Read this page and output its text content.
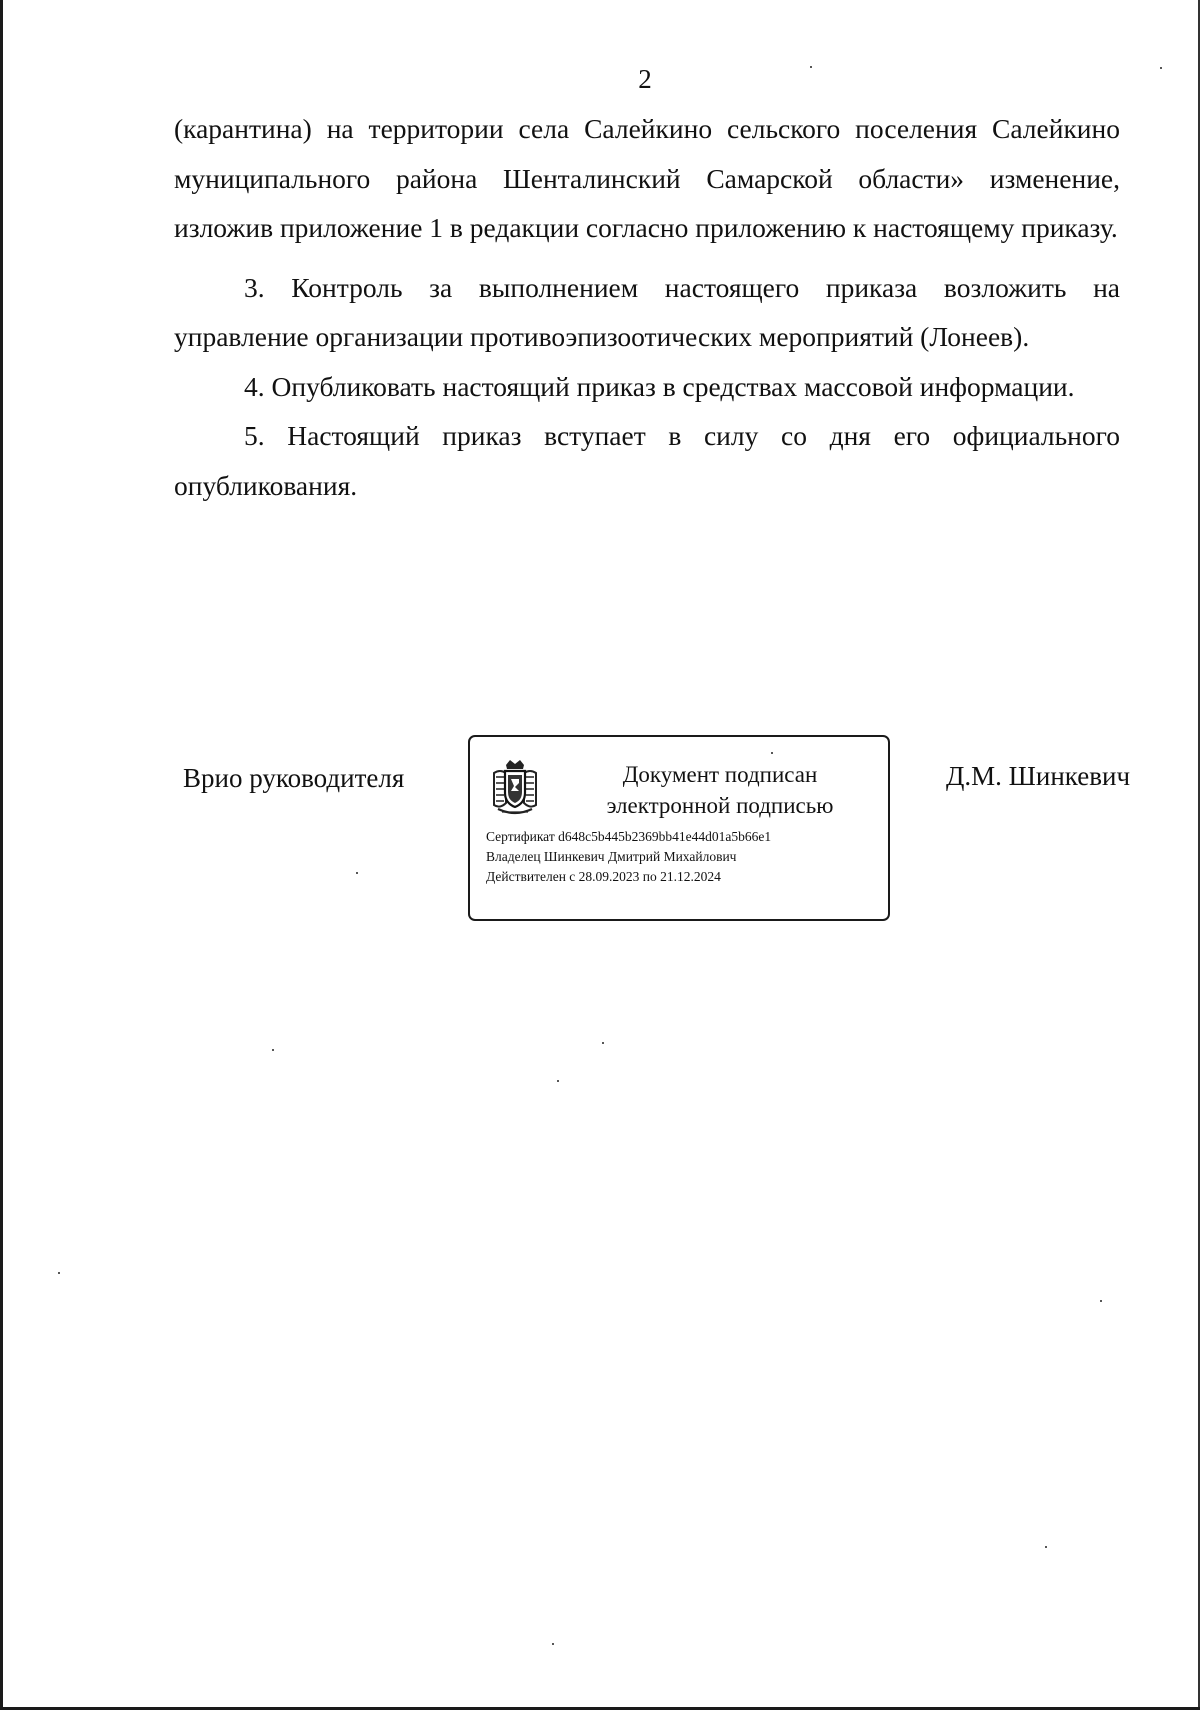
2

(карантина) на территории села Салейкино сельского поселения Салейкино муниципального района Шенталинский Самарской области» изменение, изложив приложение 1 в редакции согласно приложению к настоящему приказу.

3. Контроль за выполнением настоящего приказа возложить на управление организации противоэпизоотических мероприятий (Лонеев).

4. Опубликовать настоящий приказ в средствах массовой информации.

5. Настоящий приказ вступает в силу со дня его официального опубликования.

Врио руководителя	Документ подписан
электронной подписью
Сертификат d648c5b445b2369bb41e44d01a5b66e1
Владелец Шинкевич Дмитрий Михайлович
Действителен с 28.09.2023 по 21.12.2024
Д.М. Шинкевич
